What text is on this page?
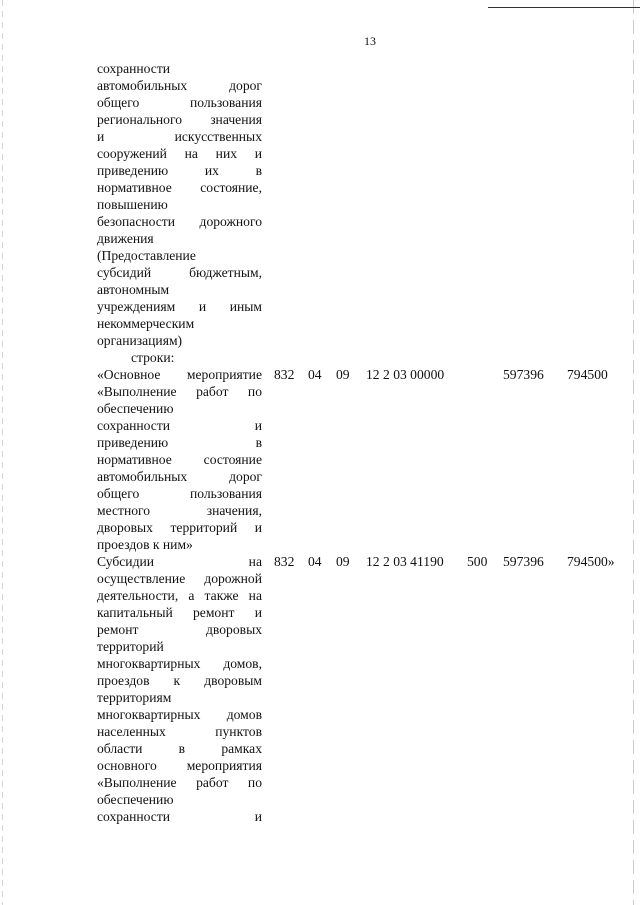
13
сохранности
автомобильных дорог
общего пользования
регионального значения
и искусственных
сооружений на них и
приведению их в
нормативное состояние,
повышению
безопасности дорожного
движения
(Предоставление
субсидий бюджетным,
автономным
учреждениям и иным
некоммерческим
организациям)
строки:
«Основное мероприятие
«Выполнение работ по
обеспечению
сохранности и
приведению в
нормативное состояние
автомобильных дорог
общего пользования
местного значения,
дворовых территорий и
проездов к ним»
832 04 09 12 2 03 00000	597396 794500
Субсидии на
осуществление дорожной
деятельности, а также на
капитальный ремонт и
ремонт дворовых
территорий
многоквартирных домов,
проездов к дворовым
территориям
многоквартирных домов
населенных пунктов
области в рамках
основного мероприятия
«Выполнение работ по
обеспечению
сохранности и
832 04 09 12 2 03 41190 500 597396 794500»
